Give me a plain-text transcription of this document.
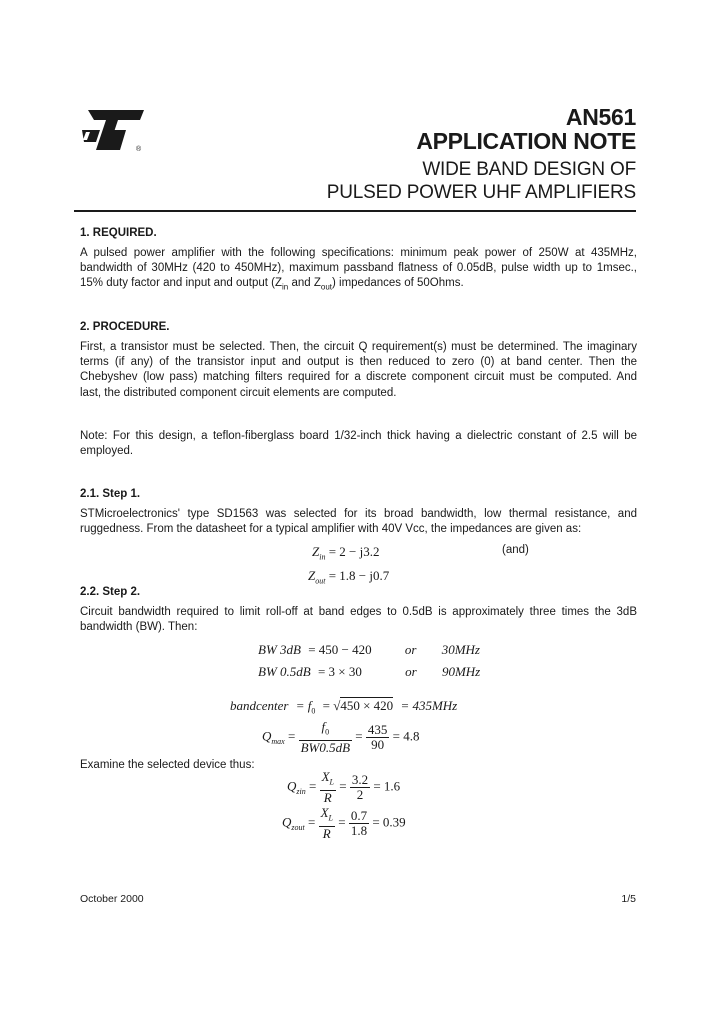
®
AN561
APPLICATION NOTE
WIDE BAND DESIGN OF
PULSED POWER UHF AMPLIFIERS
1. REQUIRED.
A pulsed power amplifier with the following specifications: minimum peak power of 250W at 435MHz,
bandwidth of 30MHz (420 to 450MHz), maximum passband flatness of 0.05dB, pulse width up to 1msec.,
15% duty factor and input and output ($Z_{in}$ and $Z_{out}$) impedances of 50Ohms.
2. PROCEDURE.
First, a transistor must be selected. Then, the circuit Q requirement(s) must be determined. The imaginary
terms (if any) of the transistor input and output is then reduced to zero (0) at band center. Then the
Chebyshev (low pass) matching filters required for a discrete component circuit must be computed. And
last, the distributed component circuit elements are computed.
Note: For this design, a teflon-fiberglass board 1/32-inch thick having a dielectric constant of 2.5 will be
employed.
2.1. Step 1.
STMicroelectronics' type SD1563 was selected for its broad bandwidth, low thermal resistance, and
ruggedness. From the datasheet for a typical amplifier with 40V Vcc, the impedances are given as:
$Z_{in} = 2 - j3.2$	(and)
$Z_{out} = 1.8 - j0.7$
2.2. Step 2.
Circuit bandwidth required to limit roll-off at band edges to 0.5dB is approximately three times the 3dB
bandwidth (BW). Then:
BW 3dB = 450 − 420	or 30MHz
BW 0.5dB = 3 × 30	or 90MHz
bandcenter = $f_0 = √450 \times 420 = 435MHz$
$Q_{max} = \frac{f_0}{BW0.5dB} = \frac{435}{90} = 4.8$
Examine the selected device thus:
$Q_{zin} = \frac{X_L}{R} = \frac{3.2}{2} = 1.6$
$Q_{zout} = \frac{X_L}{R} = \frac{0.7}{1.8} = 0.39$
October 2000	1/5
